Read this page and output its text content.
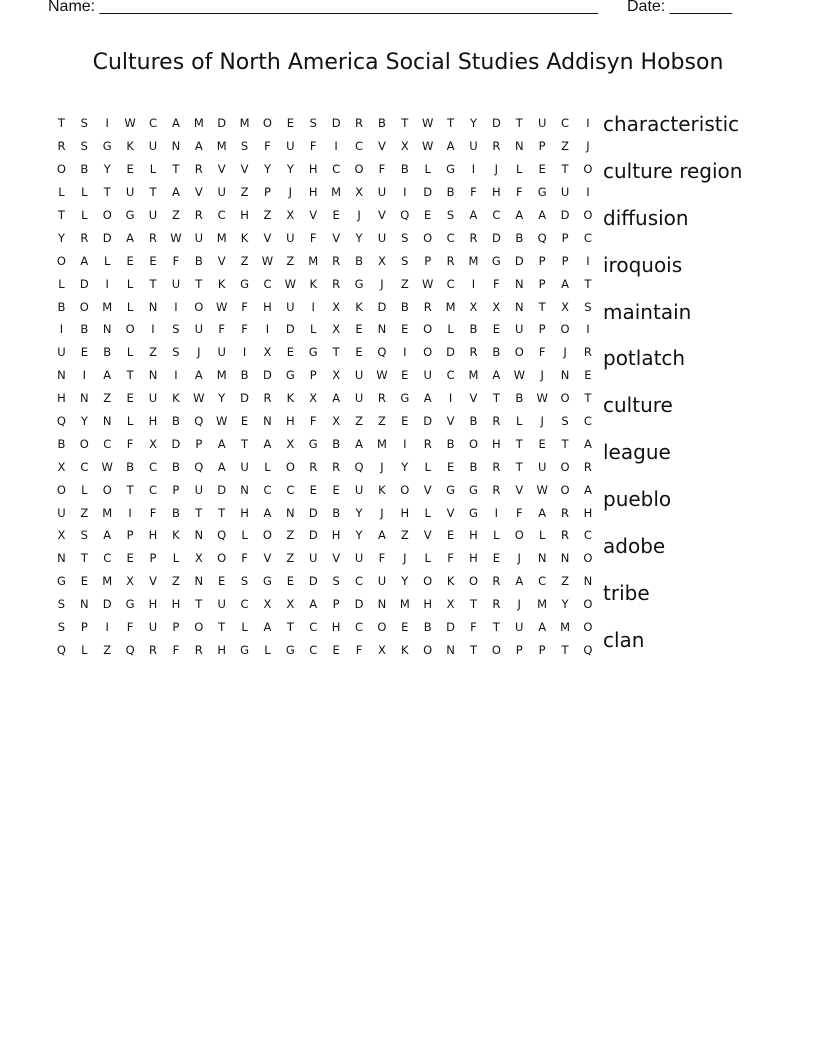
Name: ________________________________________________________ Date: _______
Cultures of North America Social Studies Addisyn Hobson
T	S	I	W	C	A	M	D	M	O	E	S	D	R	B	T	W	T	Y	D	T	U	C	I
R	S	G	K	U	N	A	M	S	F	U	F	I	C	V	X	W	A	U	R	N	P	Z	J
O	B	Y	E	L	T	R	V	V	Y	Y	H	C	O	F	B	L	G	I	J	L	E	T	O
L	L	T	U	T	A	V	U	Z	P	J	H	M	X	U	I	D	B	F	H	F	G	U	I
T	L	O	G	U	Z	R	C	H	Z	X	V	E	J	V	Q	E	S	A	C	A	A	D	O
Y	R	D	A	R	W	U	M	K	V	U	F	V	Y	U	S	O	C	R	D	B	Q	P	C
O	A	L	E	E	F	B	V	Z	W	Z	M	R	B	X	S	P	R	M	G	D	P	P	I
L	D	I	L	T	U	T	K	G	C	W	K	R	G	J	Z	W	C	I	F	N	P	A	T
B	O	M	L	N	I	O	W	F	H	U	I	X	K	D	B	R	M	X	X	N	T	X	S
I	B	N	O	I	S	U	F	F	I	D	L	X	E	N	E	O	L	B	E	U	P	O	I
U	E	B	L	Z	S	J	U	I	X	E	G	T	E	Q	I	O	D	R	B	O	F	J	R
N	I	A	T	N	I	A	M	B	D	G	P	X	U	W	E	U	C	M	A	W	J	N	E
H	N	Z	E	U	K	W	Y	D	R	K	X	A	U	R	G	A	I	V	T	B	W	O	T
Q	Y	N	L	H	B	Q	W	E	N	H	F	X	Z	Z	E	D	V	B	R	L	J	S	C
B	O	C	F	X	D	P	A	T	A	X	G	B	A	M	I	R	B	O	H	T	E	T	A
X	C	W	B	C	B	Q	A	U	L	O	R	R	Q	J	Y	L	E	B	R	T	U	O	R
O	L	O	T	C	P	U	D	N	C	C	E	E	U	K	O	V	G	G	R	V	W	O	A
U	Z	M	I	F	B	T	T	H	A	N	D	B	Y	J	H	L	V	G	I	F	A	R	H
X	S	A	P	H	K	N	Q	L	O	Z	D	H	Y	A	Z	V	E	H	L	O	L	R	C
N	T	C	E	P	L	X	O	F	V	Z	U	V	U	F	J	L	F	H	E	J	N	N	O
G	E	M	X	V	Z	N	E	S	G	E	D	S	C	U	Y	O	K	O	R	A	C	Z	N
S	N	D	G	H	H	T	U	C	X	X	A	P	D	N	M	H	X	T	R	J	M	Y	O
S	P	I	F	U	P	O	T	L	A	T	C	H	C	O	E	B	D	F	T	U	A	M	O
Q	L	Z	Q	R	F	R	H	G	L	G	C	E	F	X	K	O	N	T	O	P	P	T	Q
characteristic
culture region
diffusion
iroquois
maintain
potlatch
culture
league
pueblo
adobe
tribe
clan
